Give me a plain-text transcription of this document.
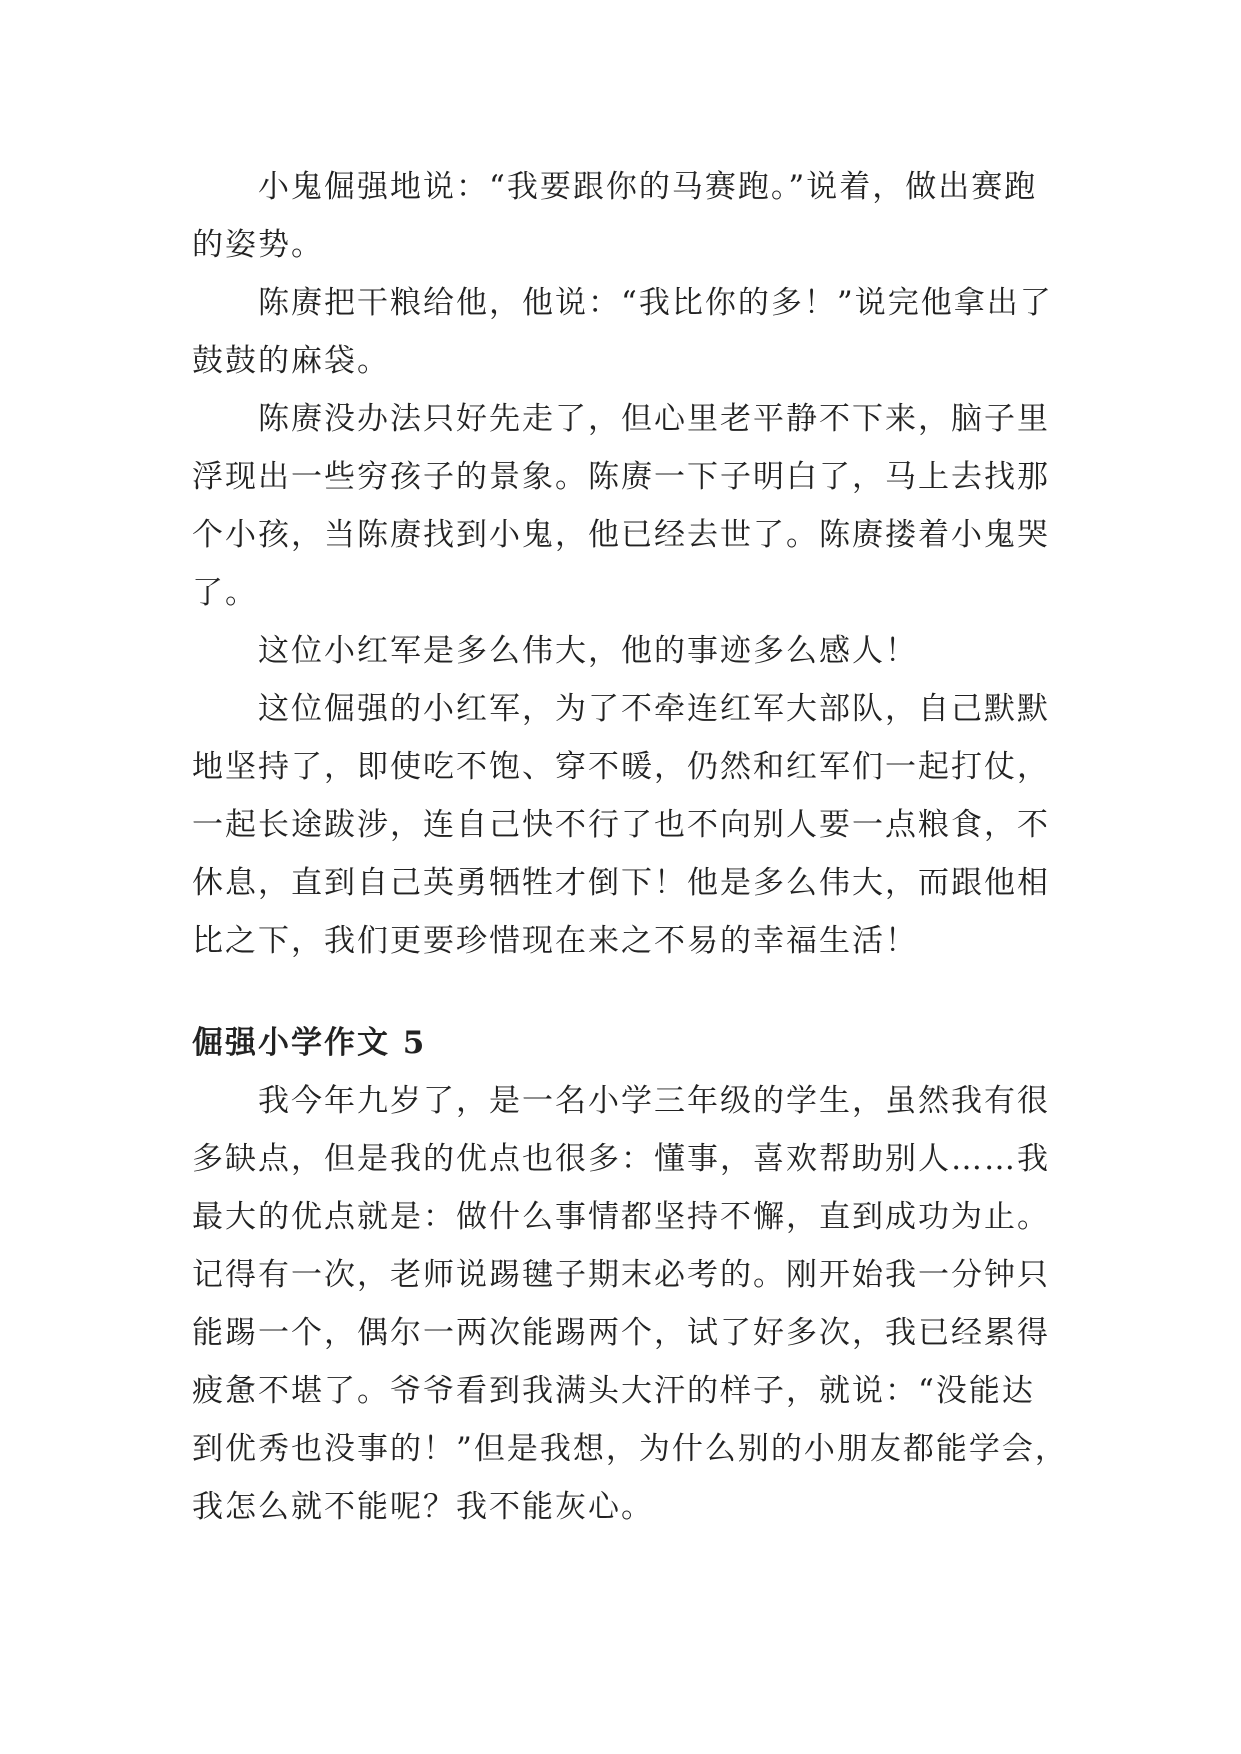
小鬼倔强地说：“我要跟你的马赛跑。”说着，做出赛跑

的姿势。

陈赓把干粮给他，他说：“我比你的多！”说完他拿出了

鼓鼓的麻袋。

陈赓没办法只好先走了，但心里老平静不下来，脑子里

浮现出一些穷孩子的景象。陈赓一下子明白了，马上去找那

个小孩，当陈赓找到小鬼，他已经去世了。陈赓搂着小鬼哭

了。

这位小红军是多么伟大，他的事迹多么感人！

这位倔强的小红军，为了不牵连红军大部队，自己默默

地坚持了，即使吃不饱、穿不暖，仍然和红军们一起打仗，

一起长途跋涉，连自己快不行了也不向别人要一点粮食，不

休息，直到自己英勇牺牲才倒下！他是多么伟大，而跟他相

比之下，我们更要珍惜现在来之不易的幸福生活！

倔强小学作文 5

我今年九岁了，是一名小学三年级的学生，虽然我有很

多缺点，但是我的优点也很多：懂事，喜欢帮助别人……我

最大的优点就是：做什么事情都坚持不懈，直到成功为止。

记得有一次，老师说踢毽子期末必考的。刚开始我一分钟只

能踢一个，偶尔一两次能踢两个，试了好多次，我已经累得

疲惫不堪了。爷爷看到我满头大汗的样子，就说：“没能达

到优秀也没事的！”但是我想，为什么别的小朋友都能学会，

我怎么就不能呢？我不能灰心。
